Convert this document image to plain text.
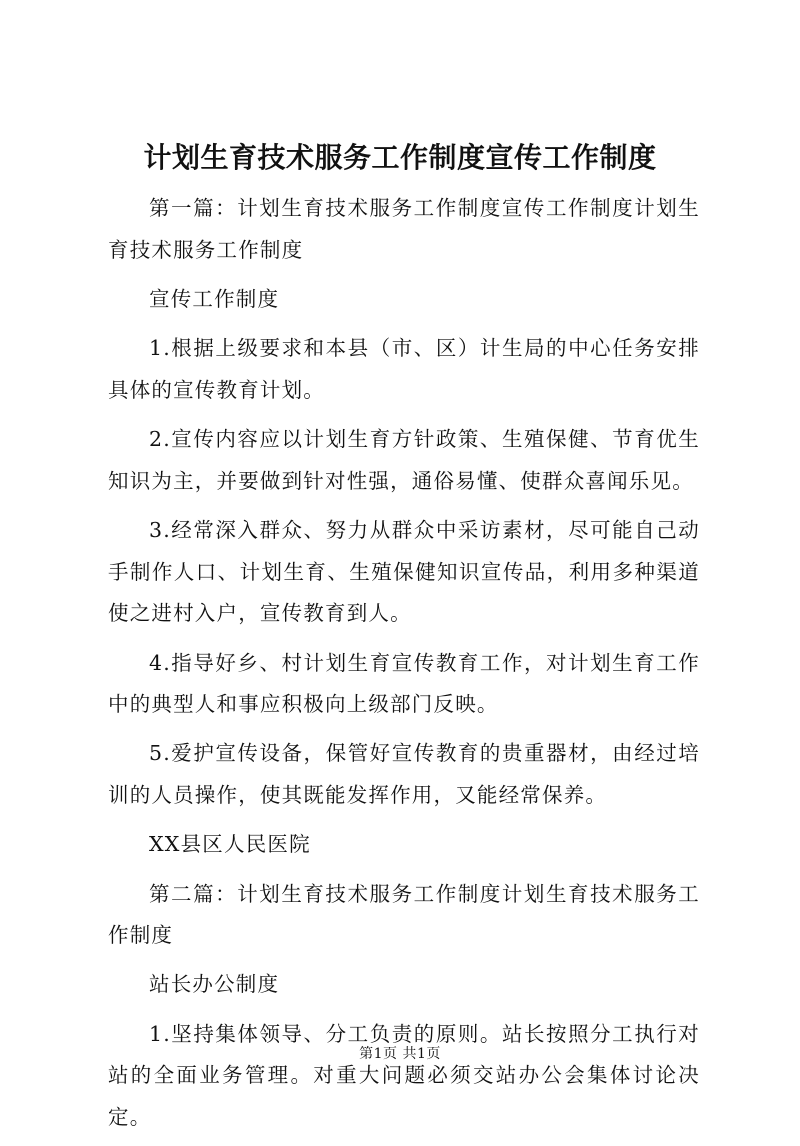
计划生育技术服务工作制度宣传工作制度

第一篇：计划生育技术服务工作制度宣传工作制度计划生育技术服务工作制度

宣传工作制度

1.根据上级要求和本县（市、区）计生局的中心任务安排具体的宣传教育计划。

2.宣传内容应以计划生育方针政策、生殖保健、节育优生知识为主，并要做到针对性强，通俗易懂、使群众喜闻乐见。

3.经常深入群众、努力从群众中采访素材，尽可能自己动手制作人口、计划生育、生殖保健知识宣传品，利用多种渠道使之进村入户，宣传教育到人。

4.指导好乡、村计划生育宣传教育工作，对计划生育工作中的典型人和事应积极向上级部门反映。

5.爱护宣传设备，保管好宣传教育的贵重器材，由经过培训的人员操作，使其既能发挥作用，又能经常保养。

XX县区人民医院

第二篇：计划生育技术服务工作制度计划生育技术服务工作制度

站长办公制度

1.坚持集体领导、分工负责的原则。站长按照分工执行对站的全面业务管理。对重大问题必须交站办公会集体讨论决定。

第1页 共1页
